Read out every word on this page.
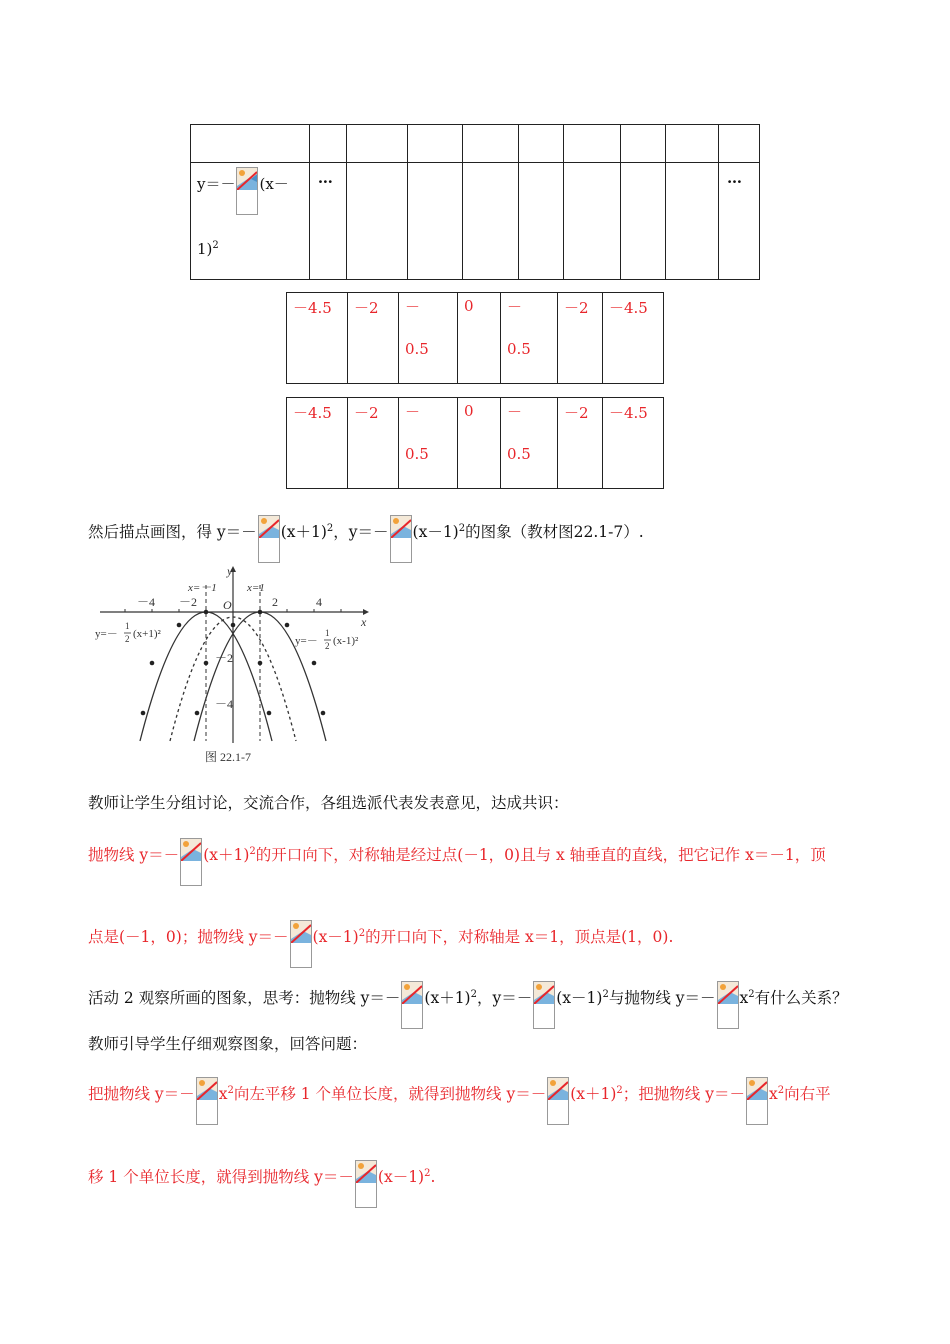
y＝－ (x－
1)$^2$	…								…
－4.5	－2	－
0.5
	0	－
0.5
	－2	－4.5
－4.5	－2	－
0.5
	0	－
0.5
	－2	－4.5
然后描点画图，得 $y=- (x+1)^2$，$y=- (x-1)^2$的图象（教材图22.1-7）.
－4 －2	2	4
－2
－4
O
x
y
x=－1	x=1
y=－
1
2 (x+1)²
y=－
1
2 (x-1)²
图 22.1-7
教师让学生分组讨论，交流合作，各组选派代表发表意见，达成共识：
抛物线 $y=- (x+1)^2$的开口向下，对称轴是经过点(－1，0)且与 x 轴垂直的直线，把它记作 x＝－1，顶
点是(－1，0)；抛物线 $y=- (x-1)^2$的开口向下，对称轴是 x＝1，顶点是(1，0).
活动 2 观察所画的图象，思考：抛物线 $y=- (x+1)^2$，$y=- (x-1)^2$与抛物线 $y=- x^2$有什么关系？
教师引导学生仔细观察图象，回答问题：
把抛物线 $y=- x^2$向左平移 1 个单位长度，就得到抛物线 $y=- (x+1)^2$；把抛物线 $y=- x^2$向右平
移 1 个单位长度，就得到抛物线 $y=- (x-1)^2$.
